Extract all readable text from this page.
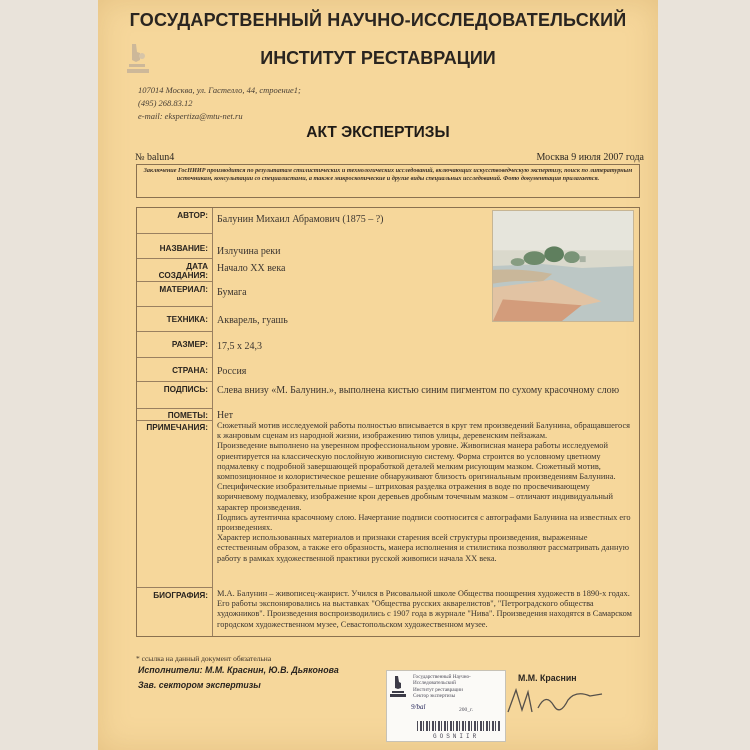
ГОСУДАРСТВЕННЫЙ НАУЧНО-ИССЛЕДОВАТЕЛЬСКИЙ
ИНСТИТУТ РЕСТАВРАЦИИ
107014 Москва, ул. Гастелло, 44, строение1;
(495) 268.83.12
e-mail: ekspertiza@mtu-net.ru
АКТ ЭКСПЕРТИЗЫ
№ balun4	Москва 9 июля 2007 года
Заключение ГосНИИР производится по результатам стилистических и технологических исследований, включающих искусствоведческую экспертизу, поиск по литературным источникам, консультации со специалистами, а также микроскопические и другие виды специальных исследований. Фото документация прилагается.
АВТОР: Балунин Михаил Абрамович (1875 – ?)
НАЗВАНИЕ: Излучина реки
ДАТА
СОЗДАНИЯ:
Начало XX века
МАТЕРИАЛ: Бумага
ТЕХНИКА: Акварель, гуашь
РАЗМЕР: 17,5 х 24,3
СТРАНА: Россия
ПОДПИСЬ: Слева внизу «М. Балунин.», выполнена кистью синим пигментом по сухому красочному слою
ПОМЕТЫ: Нет
ПРИМЕЧАНИЯ:	Сюжетный мотив исследуемой работы полностью вписывается в круг тем произведений Балунина, обращавшегося к жанровым сценам из народной жизни, изображению типов улицы, деревенским пейзажам.

Произведение выполнено на уверенном профессиональном уровне. Живописная манера работы исследуемой ориентируется на классическую послойную живописную систему. Форма строится во условному цветному подмалевку с подробной завершающей проработкой деталей мелким рисующим мазком. Сюжетный мотив, композиционное и колористическое решение обнаруживают близость оригинальным произведениям Балунина. Специфические изобразительные приемы – штриховая разделка отражения в воде по просвечивающему коричневому подмалевку, изображение крон деревьев дробным точечным мазком – отличают индивидуальный характер произведения.

Подпись аутентична красочному слою. Начертание подписи соотносится с автографами Балунина на известных его произведениях.

Характер использованных материалов и признаки старения всей структуры произведения, выраженные естественным образом, а также его образность, манера исполнения и стилистика позволяют рассматривать данную работу в рамках художественной практики русской живописи начала XX века.

БИОГРАФИЯ:	М.А. Балунин – живописец-жанрист. Учился в Рисовальной школе Общества поощрения художеств в 1890-х годах. Его работы экспонировались на выставках "Общества русских акварелистов", "Петроградского общества художников". Произведения воспроизводились с 1907 года в журнале "Нива". Произведения находятся в Самарском городском художественном музее, Севастопольском художественном музее.
* ссылка на данный документ обязательна
Исполнители: М.М. Краснин, Ю.В. Дьяконова
Зав. сектором экспертизы
М.М. Краснин
Государственный Научно-Исследовательский
Институт реставрации
Сектор экспертизы
9/bal	200_г.
GOSNIIR
